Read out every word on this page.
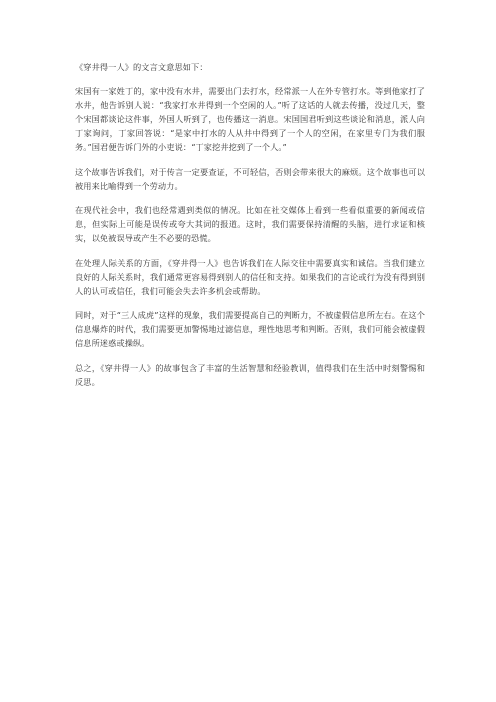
《穿井得一人》的文言文意思如下：

宋国有一家姓丁的，家中没有水井，需要出门去打水，经常派一人在外专管打水。等到他家打了水井，他告诉别人说：“我家打水井得到一个空闲的人。”听了这话的人就去传播，没过几天，整个宋国都谈论这件事，外国人听到了，也传播这一消息。宋国国君听到这些谈论和消息，派人向丁家询问，丁家回答说：“是家中打水的人从井中得到了一个人的空闲，在家里专门为我们服务。”国君便告诉门外的小吏说：“丁家挖井挖到了一个人。”

这个故事告诉我们，对于传言一定要查证，不可轻信，否则会带来很大的麻烦。这个故事也可以被用来比喻得到一个劳动力。

在现代社会中，我们也经常遇到类似的情况。比如在社交媒体上看到一些看似重要的新闻或信息，但实际上可能是误传或夸大其词的报道。这时，我们需要保持清醒的头脑，进行求证和核实，以免被误导或产生不必要的恐慌。

在处理人际关系的方面，《穿井得一人》也告诉我们在人际交往中需要真实和诚信。当我们建立良好的人际关系时，我们通常更容易得到别人的信任和支持。如果我们的言论或行为没有得到别人的认可或信任，我们可能会失去许多机会或帮助。

同时，对于“三人成虎”这样的现象，我们需要提高自己的判断力，不被虚假信息所左右。在这个信息爆炸的时代，我们需要更加警惕地过滤信息，理性地思考和判断。否则，我们可能会被虚假信息所迷惑或操纵。

总之，《穿井得一人》的故事包含了丰富的生活智慧和经验教训，值得我们在生活中时刻警惕和反思。
